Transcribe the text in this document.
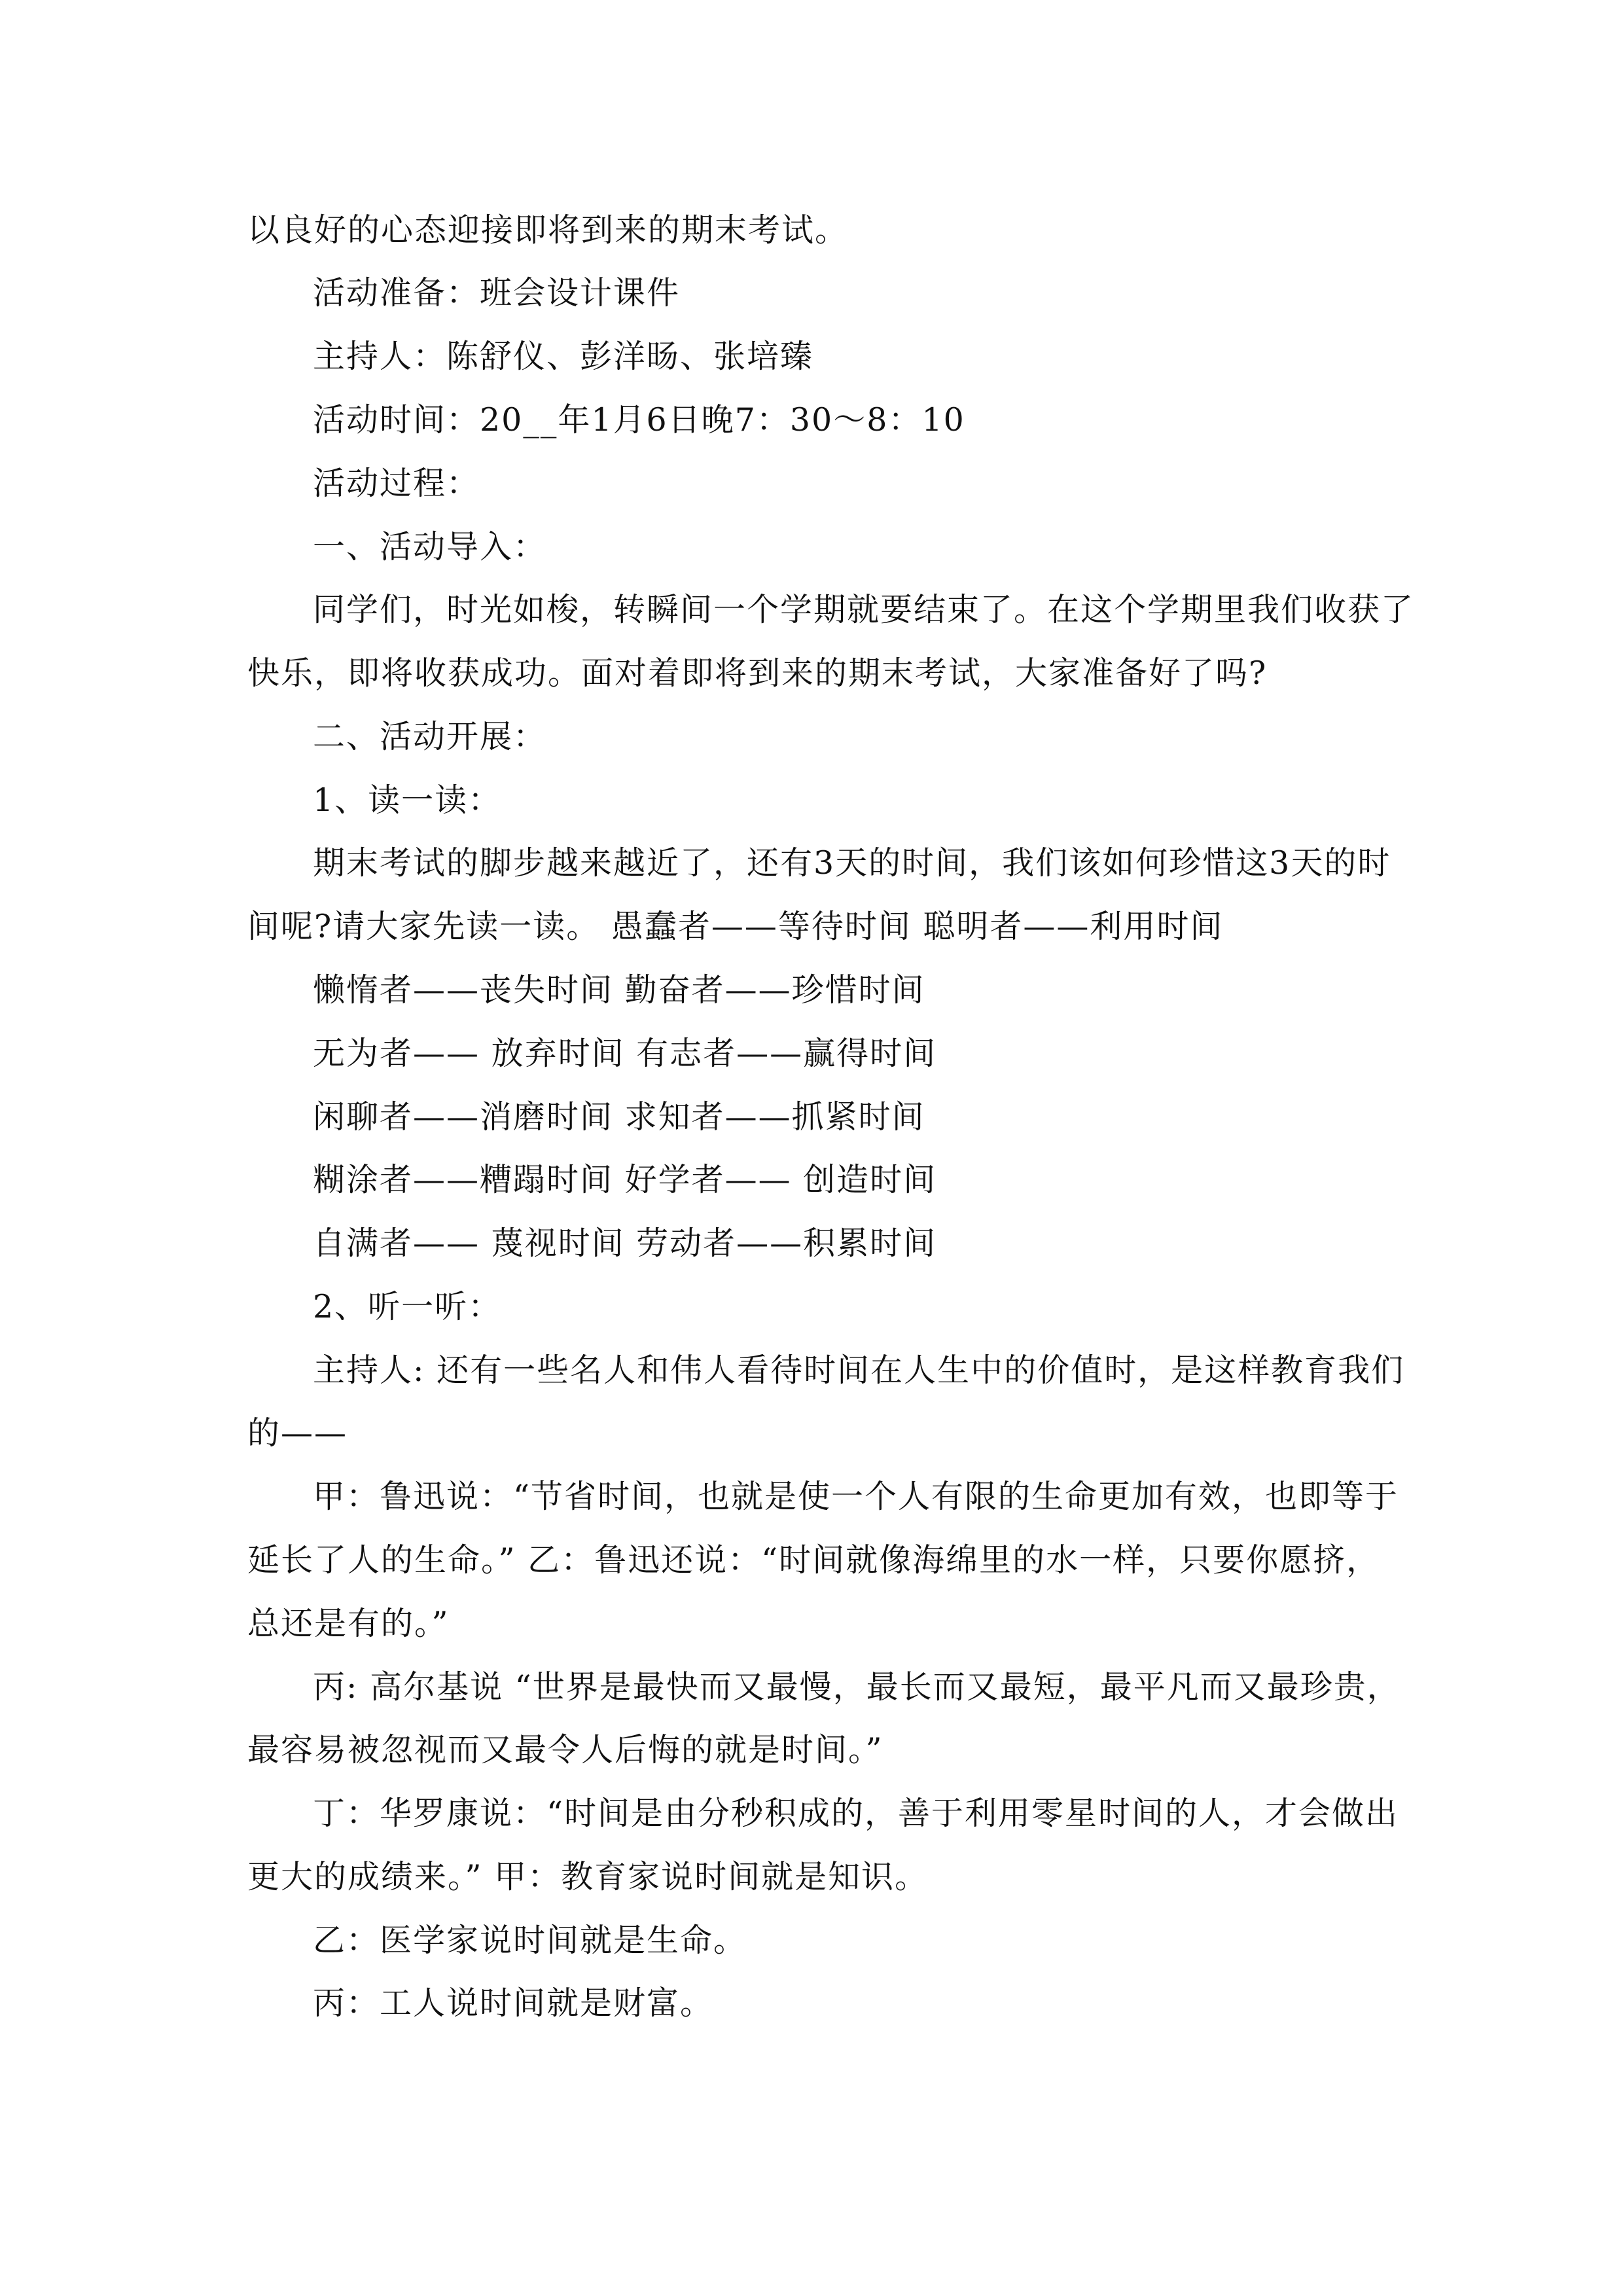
以良好的心态迎接即将到来的期末考试。
活动准备：班会设计课件
主持人：陈舒仪、彭洋旸、张培臻
活动时间：20__年1月6日晚7：30～8：10
活动过程：
一、活动导入：
同学们，时光如梭，转瞬间一个学期就要结束了。在这个学期里我们收获了
快乐，即将收获成功。面对着即将到来的期末考试，大家准备好了吗?
二、活动开展：
1、读一读：
期末考试的脚步越来越近了，还有3天的时间，我们该如何珍惜这3天的时
间呢?请大家先读一读。 愚蠢者——等待时间 聪明者——利用时间
懒惰者——丧失时间 勤奋者——珍惜时间
无为者—— 放弃时间 有志者——赢得时间
闲聊者——消磨时间 求知者——抓紧时间
糊涂者——糟蹋时间 好学者—— 创造时间
自满者—— 蔑视时间 劳动者——积累时间
2、听一听：
主持人: 还有一些名人和伟人看待时间在人生中的价值时，是这样教育我们
的——
甲：鲁迅说：“节省时间，也就是使一个人有限的生命更加有效，也即等于
延长了人的生命。” 乙：鲁迅还说：“时间就像海绵里的水一样，只要你愿挤，
总还是有的。”
丙: 高尔基说 “世界是最快而又最慢，最长而又最短，最平凡而又最珍贵，
最容易被忽视而又最令人后悔的就是时间。”
丁：华罗康说：“时间是由分秒积成的，善于利用零星时间的人，才会做出
更大的成绩来。” 甲：教育家说时间就是知识。
乙：医学家说时间就是生命。
丙：工人说时间就是财富。
